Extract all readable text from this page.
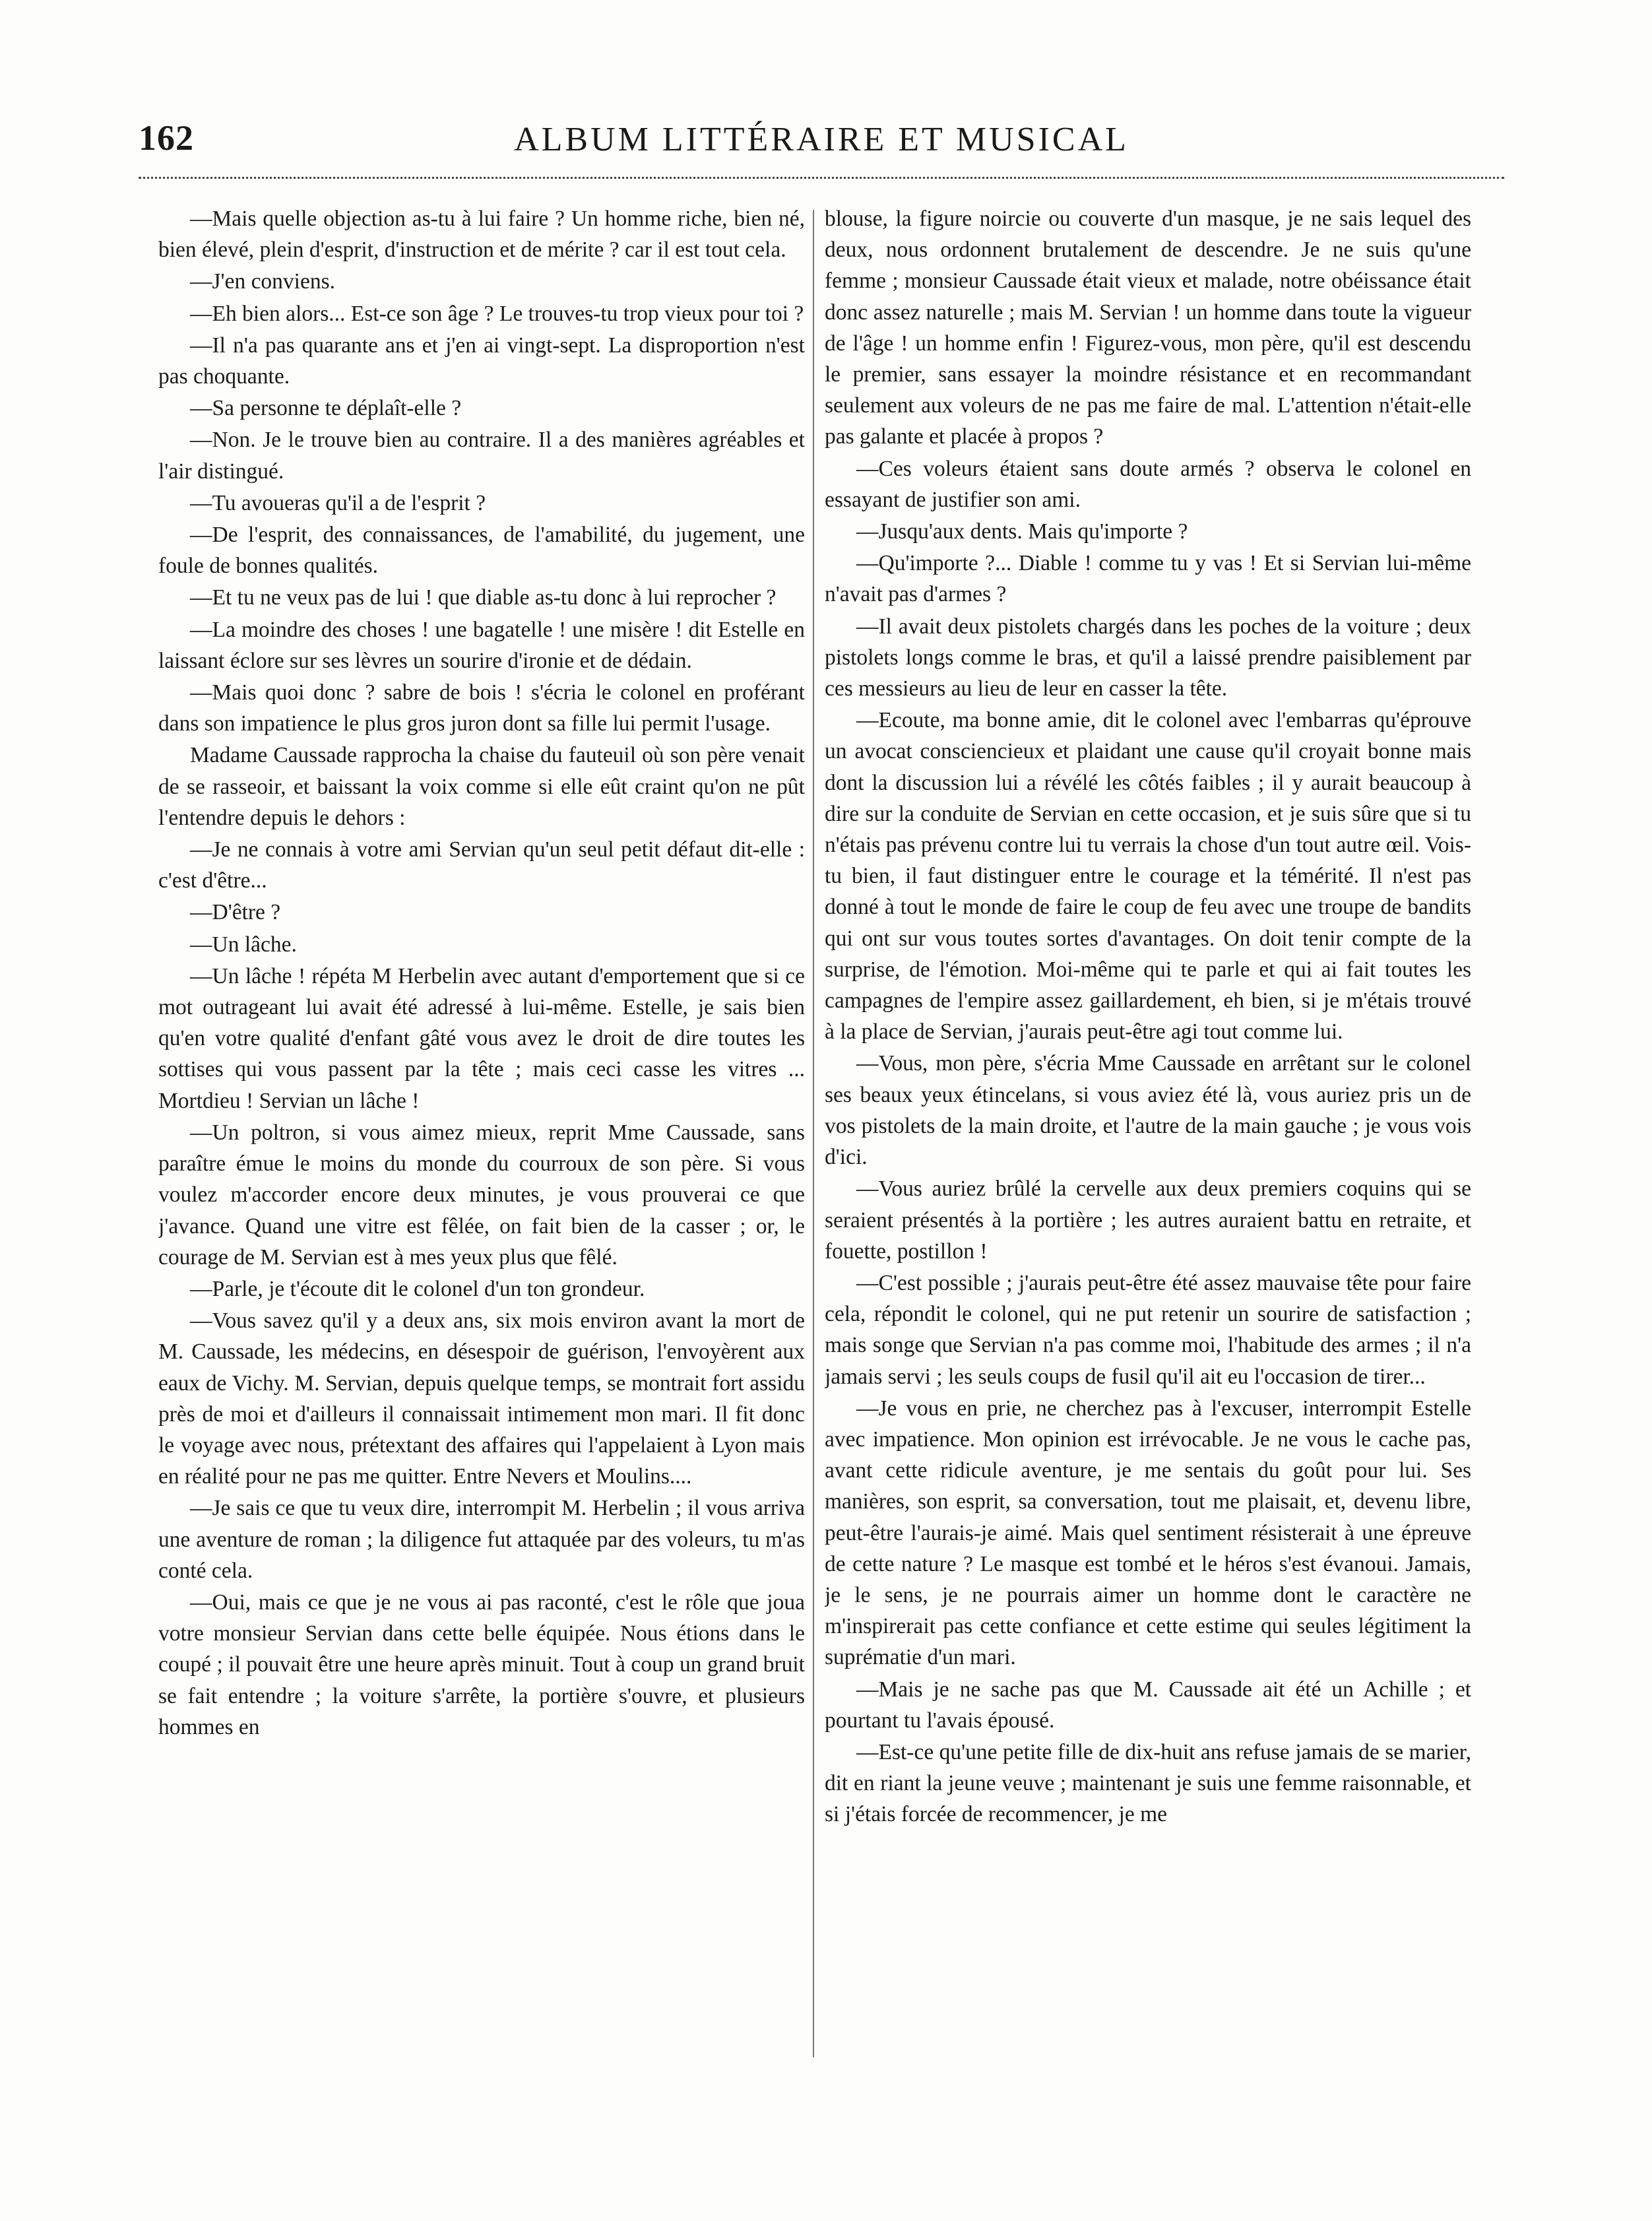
162	ALBUM LITTÉRAIRE ET MUSICAL

—Mais quelle objection as-tu à lui faire ? Un homme riche, bien né, bien élevé, plein d'esprit, d'instruction et de mérite ? car il est tout cela.

—J'en conviens.

—Eh bien alors... Est-ce son âge ? Le trouves-tu trop vieux pour toi ?

—Il n'a pas quarante ans et j'en ai vingt-sept. La disproportion n'est pas choquante.

—Sa personne te déplaît-elle ?

—Non. Je le trouve bien au contraire. Il a des manières agréables et l'air distingué.

—Tu avoueras qu'il a de l'esprit ?

—De l'esprit, des connaissances, de l'amabilité, du jugement, une foule de bonnes qualités.

—Et tu ne veux pas de lui ! que diable as-tu donc à lui reprocher ?

—La moindre des choses ! une bagatelle ! une misère ! dit Estelle en laissant éclore sur ses lèvres un sourire d'ironie et de dédain.

—Mais quoi donc ? sabre de bois ! s'écria le colonel en proférant dans son impatience le plus gros juron dont sa fille lui permit l'usage.

Madame Caussade rapprocha la chaise du fauteuil où son père venait de se rasseoir, et baissant la voix comme si elle eût craint qu'on ne pût l'entendre depuis le dehors :

—Je ne connais à votre ami Servian qu'un seul petit défaut dit-elle : c'est d'être...

—D'être ?

—Un lâche.

—Un lâche ! répéta M Herbelin avec autant d'emportement que si ce mot outrageant lui avait été adressé à lui-même. Estelle, je sais bien qu'en votre qualité d'enfant gâté vous avez le droit de dire toutes les sottises qui vous passent par la tête ; mais ceci casse les vitres ... Mortdieu ! Servian un lâche !

—Un poltron, si vous aimez mieux, reprit Mme Caussade, sans paraître émue le moins du monde du courroux de son père. Si vous voulez m'accorder encore deux minutes, je vous prouverai ce que j'avance. Quand une vitre est fêlée, on fait bien de la casser ; or, le courage de M. Servian est à mes yeux plus que fêlé.

—Parle, je t'écoute dit le colonel d'un ton grondeur.

—Vous savez qu'il y a deux ans, six mois environ avant la mort de M. Caussade, les médecins, en désespoir de guérison, l'envoyèrent aux eaux de Vichy. M. Servian, depuis quelque temps, se montrait fort assidu près de moi et d'ailleurs il connaissait intimement mon mari. Il fit donc le voyage avec nous, prétextant des affaires qui l'appelaient à Lyon mais en réalité pour ne pas me quitter. Entre Nevers et Moulins....

—Je sais ce que tu veux dire, interrompit M. Herbelin ; il vous arriva une aventure de roman ; la diligence fut attaquée par des voleurs, tu m'as conté cela.

—Oui, mais ce que je ne vous ai pas raconté, c'est le rôle que joua votre monsieur Servian dans cette belle équipée. Nous étions dans le coupé ; il pouvait être une heure après minuit. Tout à coup un grand bruit se fait entendre ; la voiture s'arrête, la portière s'ouvre, et plusieurs hommes en

blouse, la figure noircie ou couverte d'un masque, je ne sais lequel des deux, nous ordonnent brutalement de descendre. Je ne suis qu'une femme ; monsieur Caussade était vieux et malade, notre obéissance était donc assez naturelle ; mais M. Servian ! un homme dans toute la vigueur de l'âge ! un homme enfin ! Figurez-vous, mon père, qu'il est descendu le premier, sans essayer la moindre résistance et en recommandant seulement aux voleurs de ne pas me faire de mal. L'attention n'était-elle pas galante et placée à propos ?

—Ces voleurs étaient sans doute armés ? observa le colonel en essayant de justifier son ami.

—Jusqu'aux dents. Mais qu'importe ?

—Qu'importe ?... Diable ! comme tu y vas ! Et si Servian lui-même n'avait pas d'armes ?

—Il avait deux pistolets chargés dans les poches de la voiture ; deux pistolets longs comme le bras, et qu'il a laissé prendre paisiblement par ces messieurs au lieu de leur en casser la tête.

—Ecoute, ma bonne amie, dit le colonel avec l'embarras qu'éprouve un avocat consciencieux et plaidant une cause qu'il croyait bonne mais dont la discussion lui a révélé les côtés faibles ; il y aurait beaucoup à dire sur la conduite de Servian en cette occasion, et je suis sûre que si tu n'étais pas prévenu contre lui tu verrais la chose d'un tout autre œil. Vois-tu bien, il faut distinguer entre le courage et la témérité. Il n'est pas donné à tout le monde de faire le coup de feu avec une troupe de bandits qui ont sur vous toutes sortes d'avantages. On doit tenir compte de la surprise, de l'émotion. Moi-même qui te parle et qui ai fait toutes les campagnes de l'empire assez gaillardement, eh bien, si je m'étais trouvé à la place de Servian, j'aurais peut-être agi tout comme lui.

—Vous, mon père, s'écria Mme Caussade en arrêtant sur le colonel ses beaux yeux étincelans, si vous aviez été là, vous auriez pris un de vos pistolets de la main droite, et l'autre de la main gauche ; je vous vois d'ici.

—Vous auriez brûlé la cervelle aux deux premiers coquins qui se seraient présentés à la portière ; les autres auraient battu en retraite, et fouette, postillon !

—C'est possible ; j'aurais peut-être été assez mauvaise tête pour faire cela, répondit le colonel, qui ne put retenir un sourire de satisfaction ; mais songe que Servian n'a pas comme moi, l'habitude des armes ; il n'a jamais servi ; les seuls coups de fusil qu'il ait eu l'occasion de tirer...

—Je vous en prie, ne cherchez pas à l'excuser, interrompit Estelle avec impatience. Mon opinion est irrévocable. Je ne vous le cache pas, avant cette ridicule aventure, je me sentais du goût pour lui. Ses manières, son esprit, sa conversation, tout me plaisait, et, devenu libre, peut-être l'aurais-je aimé. Mais quel sentiment résisterait à une épreuve de cette nature ? Le masque est tombé et le héros s'est évanoui. Jamais, je le sens, je ne pourrais aimer un homme dont le caractère ne m'inspirerait pas cette confiance et cette estime qui seules légitiment la suprématie d'un mari.

—Mais je ne sache pas que M. Caussade ait été un Achille ; et pourtant tu l'avais épousé.

—Est-ce qu'une petite fille de dix-huit ans refuse jamais de se marier, dit en riant la jeune veuve ; maintenant je suis une femme raisonnable, et si j'étais forcée de recommencer, je me
